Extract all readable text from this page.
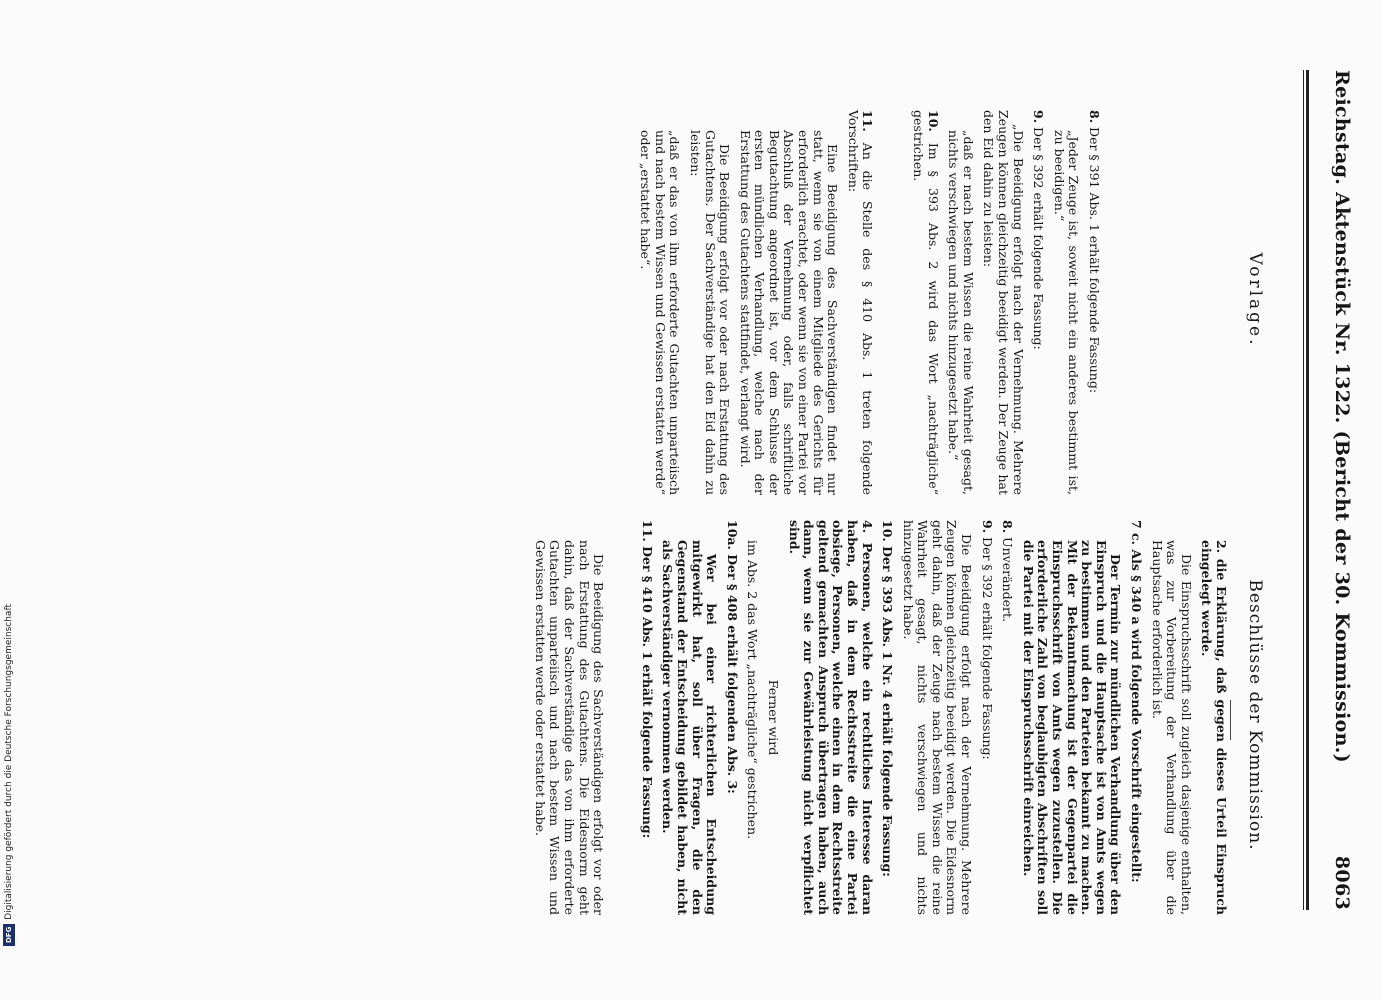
Reichstag. Aktenstück Nr. 1322. (Bericht der 30. Kommission.)
8063
Vorlage.
Beschlüsse der Kommission.

8. Der § 391 Abs. 1 erhält folgende Fassung:

„Jeder Zeuge ist, soweit nicht ein anderes bestimmt ist, zu beeidigen.“

9. Der § 392 erhält folgende Fassung:

„Die Beeidigung erfolgt nach der Vernehmung. Mehrere Zeugen können gleichzeitig beeidigt werden. Der Zeuge hat den Eid dahin zu leisten:

„daß er nach bestem Wissen die reine Wahrheit gesagt, nichts verschwiegen und nichts hinzugesetzt habe.“

10. Im § 393 Abs. 2 wird das Wort „nachträgliche“ gestrichen.

11. An die Stelle des § 410 Abs. 1 treten folgende Vorschriften:

Eine Beeidigung des Sachverständigen findet nur statt, wenn sie von einem Mitgliede des Gerichts für erforderlich erachtet, oder wenn sie von einer Partei vor Abschluß der Vernehmung oder, falls schriftliche Begutachtung angeordnet ist, vor dem Schlusse der ersten mündlichen Verhandlung, welche nach der Erstattung des Gutachtens stattfindet, verlangt wird.

Die Beeidigung erfolgt vor oder nach Erstattung des Gutachtens. Der Sachverständige hat den Eid dahin zu leisten:

„daß er das von ihm erforderte Gutachten unparteiisch und nach bestem Wissen und Gewissen erstatten werde“ oder „erstattet habe“.

2. die Erklärung, daß gegen dieses Urteil Einspruch eingelegt werde.

Die Einspruchsschrift soll zugleich dasjenige enthalten, was zur Vorbereitung der Verhandlung über die Hauptsache erforderlich ist.

7 c. Als § 340 a wird folgende Vorschrift eingestellt:

Der Termin zur mündlichen Verhandlung über den Einspruch und die Hauptsache ist von Amts wegen zu bestimmen und den Parteien bekannt zu machen. Mit der Bekanntmachung ist der Gegenpartei die Einspruchsschrift von Amts wegen zuzustellen. Die erforderliche Zahl von beglaubigten Abschriften soll die Partei mit der Einspruchsschrift einreichen.

8. Unverändert.

9. Der § 392 erhält folgende Fassung:

Die Beeidigung erfolgt nach der Vernehmung. Mehrere Zeugen können gleichzeitig beeidigt werden. Die Eidesnorm geht dahin, daß der Zeuge nach bestem Wissen die reine Wahrheit gesagt, nichts verschwiegen und nichts hinzugesetzt habe.

10. Der § 393 Abs. 1 Nr. 4 erhält folgende Fassung:

4. Personen, welche ein rechtliches Interesse daran haben, daß in dem Rechtsstreite die eine Partei obsiege, Personen, welche einen in dem Rechtsstreite geltend gemachten Anspruch übertragen haben, auch dann, wenn sie zur Gewährleistung nicht verpflichtet sind.

Ferner wird

im Abs. 2 das Wort „nachträgliche“ gestrichen.

10a. Der § 408 erhält folgenden Abs. 3:

Wer bei einer richterlichen Entscheidung mitgewirkt hat, soll über Fragen, die den Gegenstand der Entscheidung gebildet haben, nicht als Sachverständiger vernommen werden.

11. Der § 410 Abs. 1 erhält folgende Fassung:

Die Beeidigung des Sachverständigen erfolgt vor oder nach Erstattung des Gutachtens. Die Eidesnorm geht dahin, daß der Sachverständige das von ihm erforderte Gutachten unparteiisch und nach bestem Wissen und Gewissen erstatten werde oder erstattet habe.

Digitalisierung gefördert durch die Deutsche Forschungsgemeinschaft
DFG
